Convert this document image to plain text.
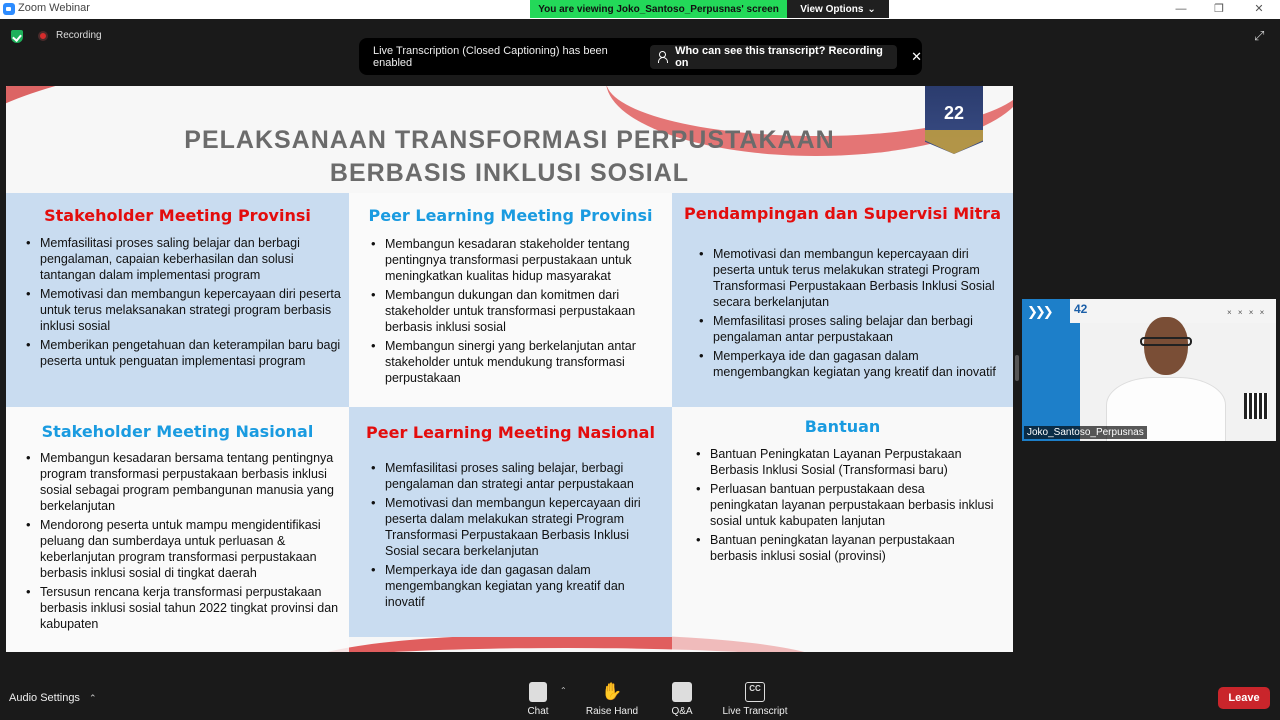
Zoom Webinar	You are viewing Joko_Santoso_Perpusnas' screen	View Options ⌄	—	❐	✕
Recording	⤢
Live Transcription (Closed Captioning) has been enabled
Who can see this transcript? Recording on	✕
PELAKSANAAN TRANSFORMASI PERPUSTAKAAN
BERBASIS INKLUSI SOSIAL
22
Stakeholder Meeting Provinsi
• Memfasilitasi proses saling belajar dan berbagi pengalaman, capaian keberhasilan dan solusi tantangan dalam implementasi program
• Memotivasi dan membangun kepercayaan diri peserta untuk terus melaksanakan strategi program berbasis inklusi sosial
• Memberikan pengetahuan dan keterampilan baru bagi peserta untuk penguatan implementasi program
Peer Learning Meeting Provinsi
• Membangun kesadaran stakeholder tentang pentingnya transformasi perpustakaan untuk meningkatkan kualitas hidup masyarakat
• Membangun dukungan dan komitmen dari stakeholder untuk transformasi perpustakaan berbasis inklusi sosial
• Membangun sinergi yang berkelanjutan antar stakeholder untuk mendukung transformasi perpustakaan
Pendampingan dan Supervisi Mitra
• Memotivasi dan membangun kepercayaan diri peserta untuk terus melakukan strategi Program Transformasi Perpustakaan Berbasis Inklusi Sosial secara berkelanjutan
• Memfasilitasi proses saling belajar dan berbagi pengalaman antar perpustakaan
• Memperkaya ide dan gagasan dalam mengembangkan kegiatan yang kreatif dan inovatif
Stakeholder Meeting Nasional
• Membangun kesadaran bersama tentang pentingnya program transformasi perpustakaan berbasis inklusi sosial sebagai program pembangunan manusia yang berkelanjutan
• Mendorong peserta untuk mampu mengidentifikasi peluang dan sumberdaya untuk perluasan & keberlanjutan program transformasi perpustakaan berbasis inklusi sosial di tingkat daerah
• Tersusun rencana kerja transformasi perpustakaan berbasis inklusi sosial tahun 2022 tingkat provinsi dan kabupaten
Peer Learning Meeting Nasional
• Memfasilitasi proses saling belajar, berbagi pengalaman dan strategi antar perpustakaan
• Memotivasi dan membangun kepercayaan diri peserta dalam melakukan strategi Program Transformasi Perpustakaan Berbasis Inklusi Sosial secara berkelanjutan
• Memperkaya ide dan gagasan dalam mengembangkan kegiatan yang kreatif dan inovatif
Bantuan
• Bantuan Peningkatan Layanan Perpustakaan Berbasis Inklusi Sosial (Transformasi baru)
• Perluasan bantuan perpustakaan desa peningkatan layanan perpustakaan berbasis inklusi sosial untuk kabupaten lanjutan
• Bantuan peningkatan layanan perpustakaan berbasis inklusi sosial (provinsi)
❯❯❯	42	× × × ×
Joko_Santoso_Perpusnas
Audio Settings ⌃
Chat
⌃	✋
Raise Hand	Q&A
CC
Live Transcript
Leave
